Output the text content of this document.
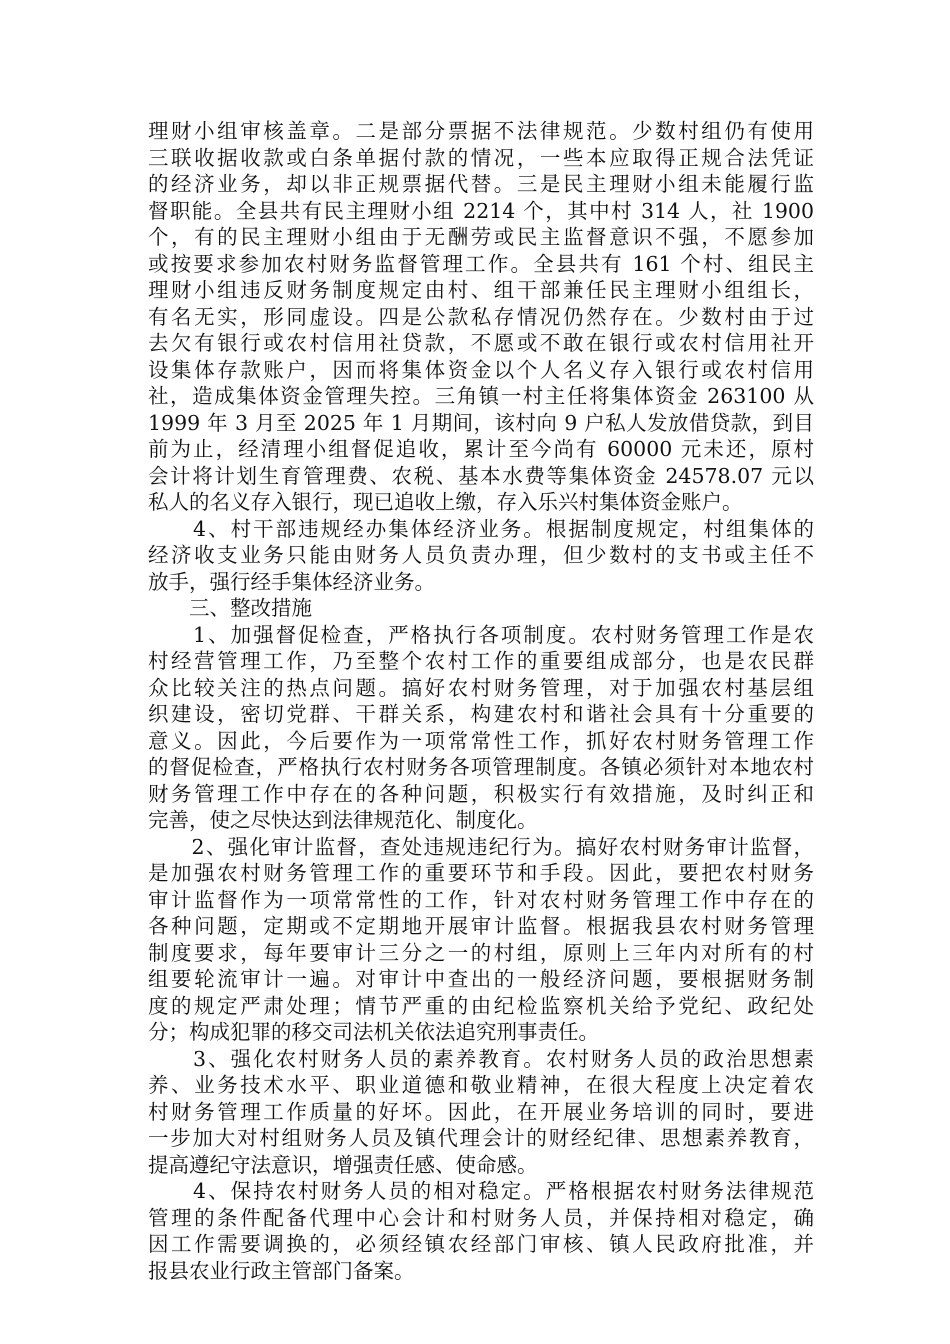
理财小组审核盖章。二是部分票据不法律规范。少数村组仍有使用
三联收据收款或白条单据付款的情况，一些本应取得正规合法凭证
的经济业务，却以非正规票据代替。三是民主理财小组未能履行监
督职能。全县共有民主理财小组 2214 个，其中村 314 人，社 1900
个，有的民主理财小组由于无酬劳或民主监督意识不强，不愿参加
或按要求参加农村财务监督管理工作。全县共有 161 个村、组民主
理财小组违反财务制度规定由村、组干部兼任民主理财小组组长，
有名无实，形同虚设。四是公款私存情况仍然存在。少数村由于过
去欠有银行或农村信用社贷款，不愿或不敢在银行或农村信用社开
设集体存款账户，因而将集体资金以个人名义存入银行或农村信用
社，造成集体资金管理失控。三角镇一村主任将集体资金 263100 从
1999 年 3 月至 2025 年 1 月期间，该村向 9 户私人发放借贷款，到目
前为止，经清理小组督促追收，累计至今尚有 60000 元未还，原村
会计将计划生育管理费、农税、基本水费等集体资金 24578.07 元以
私人的名义存入银行，现已追收上缴，存入乐兴村集体资金账户。
　　4、村干部违规经办集体经济业务。根据制度规定，村组集体的
经济收支业务只能由财务人员负责办理，但少数村的支书或主任不
放手，强行经手集体经济业务。
　　三、整改措施
　　1、加强督促检查，严格执行各项制度。农村财务管理工作是农
村经营管理工作，乃至整个农村工作的重要组成部分，也是农民群
众比较关注的热点问题。搞好农村财务管理，对于加强农村基层组
织建设，密切党群、干群关系，构建农村和谐社会具有十分重要的
意义。因此，今后要作为一项常常性工作，抓好农村财务管理工作
的督促检查，严格执行农村财务各项管理制度。各镇必须针对本地农村
财务管理工作中存在的各种问题，积极实行有效措施，及时纠正和
完善，使之尽快达到法律规范化、制度化。
　　2、强化审计监督，查处违规违纪行为。搞好农村财务审计监督，
是加强农村财务管理工作的重要环节和手段。因此，要把农村财务
审计监督作为一项常常性的工作，针对农村财务管理工作中存在的
各种问题，定期或不定期地开展审计监督。根据我县农村财务管理
制度要求，每年要审计三分之一的村组，原则上三年内对所有的村
组要轮流审计一遍。对审计中查出的一般经济问题，要根据财务制
度的规定严肃处理；情节严重的由纪检监察机关给予党纪、政纪处
分；构成犯罪的移交司法机关依法追究刑事责任。
　　3、强化农村财务人员的素养教育。农村财务人员的政治思想素
养、业务技术水平、职业道德和敬业精神，在很大程度上决定着农
村财务管理工作质量的好坏。因此，在开展业务培训的同时，要进
一步加大对村组财务人员及镇代理会计的财经纪律、思想素养教育，
提高遵纪守法意识，增强责任感、使命感。
　　4、保持农村财务人员的相对稳定。严格根据农村财务法律规范
管理的条件配备代理中心会计和村财务人员，并保持相对稳定，确
因工作需要调换的，必须经镇农经部门审核、镇人民政府批准，并
报县农业行政主管部门备案。
